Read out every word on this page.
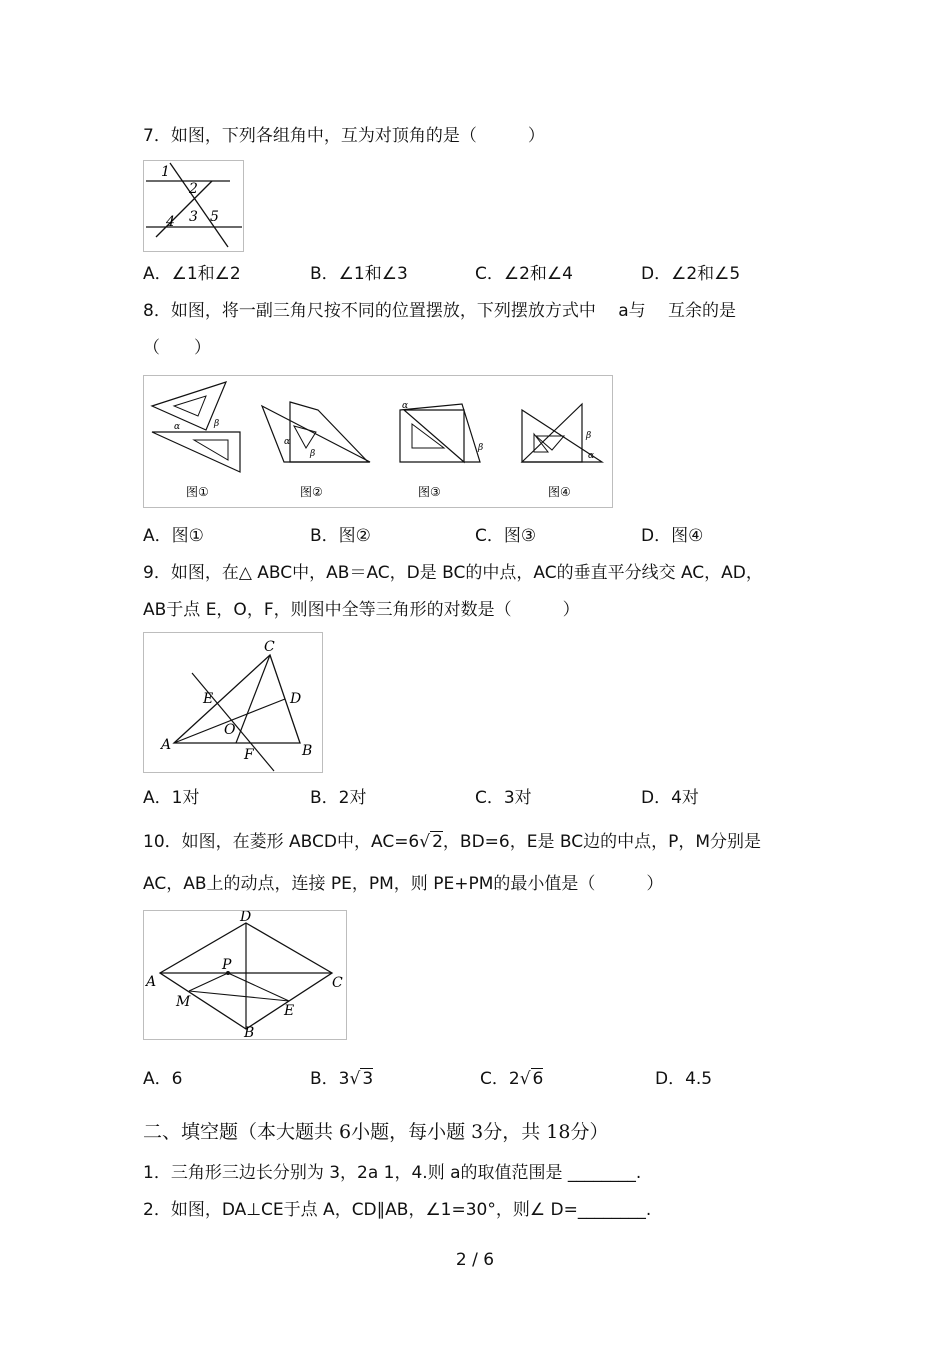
7．如图，下列各组角中，互为对顶角的是（　　　）
1
2
3
4	5
A．∠1和∠2	B．∠1和∠3	C．∠2和∠4	D．∠2和∠5
8．如图，将一副三角尺按不同的位置摆放，下列摆放方式中　 a与　 互余的是
（　　）
α	β
图①
α
β
图②
α
β
图③
β
α
图④
A．图①	B．图②	C．图③	D．图④
9．如图，在△ ABC中，AB＝AC，D是 BC的中点，AC的垂直平分线交 AC，AD，
AB于点 E，O，F，则图中全等三角形的对数是（　　　）
C
E	D
O
A
F	B
A．1对	B．2对	C．3对	D．4对
10．如图，在菱形 ABCD中，AC=6√ 2，BD=6，E是 BC边的中点，P，M分别是
AC，AB上的动点，连接 PE，PM，则 PE+PM的最小值是（　　　）
D
P
A	C
M
E
B
A．6	B．3√ 3	C．2√ 6	D．4.5
二、填空题（本大题共 6小题，每小题 3分，共 18分）
1．三角形三边长分别为 3，2a 1，4.则 a的取值范围是 ________.
2．如图，DA⊥CE于点 A，CD∥AB，∠1=30°，则∠ D=________.
2 / 6
